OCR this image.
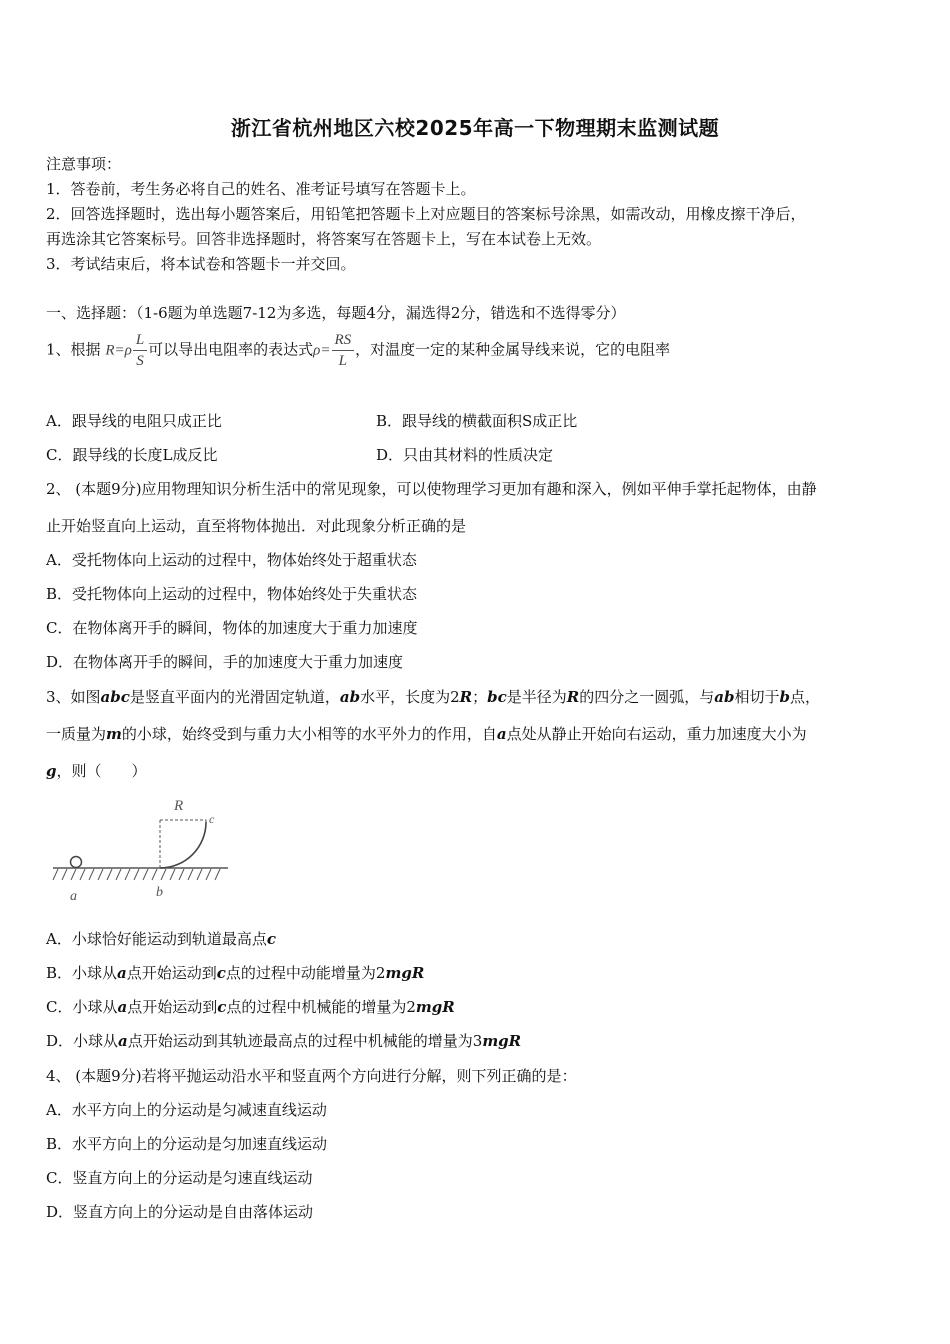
浙江省杭州地区六校2025年高一下物理期末监测试题
注意事项：
1．答卷前，考生务必将自己的姓名、准考证号填写在答题卡上。
2．回答选择题时，选出每小题答案后，用铅笔把答题卡上对应题目的答案标号涂黑，如需改动，用橡皮擦干净后，
再选涂其它答案标号。回答非选择题时，将答案写在答题卡上，写在本试卷上无效。
3．考试结束后，将本试卷和答题卡一并交回。
一、选择题：（1-6题为单选题7-12为多选，每题4分，漏选得2分，错选和不选得零分）
1、根据 $R=\rho \frac{L}{S}$ 可以导出电阻率的表达式$\rho= \frac{RS}{L}$ ，对温度一定的某种金属导线来说，它的电阻率
A．跟导线的电阻只成正比	B．跟导线的横截面积S成正比
C．跟导线的长度L成反比	D．只由其材料的性质决定
2、 (本题9分)应用物理知识分析生活中的常见现象，可以使物理学习更加有趣和深入，例如平伸手掌托起物体，由静
止开始竖直向上运动，直至将物体抛出．对此现象分析正确的是
A．受托物体向上运动的过程中，物体始终处于超重状态
B．受托物体向上运动的过程中，物体始终处于失重状态
C．在物体离开手的瞬间，物体的加速度大于重力加速度
D．在物体离开手的瞬间，手的加速度大于重力加速度
3、如图abc是竖直平面内的光滑固定轨道，ab水平，长度为2R；bc是半径为R的四分之一圆弧，与ab相切于b点，
一质量为m的小球，始终受到与重力大小相等的水平外力的作用，自a点处从静止开始向右运动，重力加速度大小为
g，则（　　）
R
c
a	b
A．小球恰好能运动到轨道最高点c
B．小球从a点开始运动到c点的过程中动能增量为2mgR
C．小球从a点开始运动到c点的过程中机械能的增量为2mgR
D．小球从a点开始运动到其轨迹最高点的过程中机械能的增量为3mgR
4、 (本题9分)若将平抛运动沿水平和竖直两个方向进行分解，则下列正确的是：
A．水平方向上的分运动是匀减速直线运动
B．水平方向上的分运动是匀加速直线运动
C．竖直方向上的分运动是匀速直线运动
D．竖直方向上的分运动是自由落体运动
